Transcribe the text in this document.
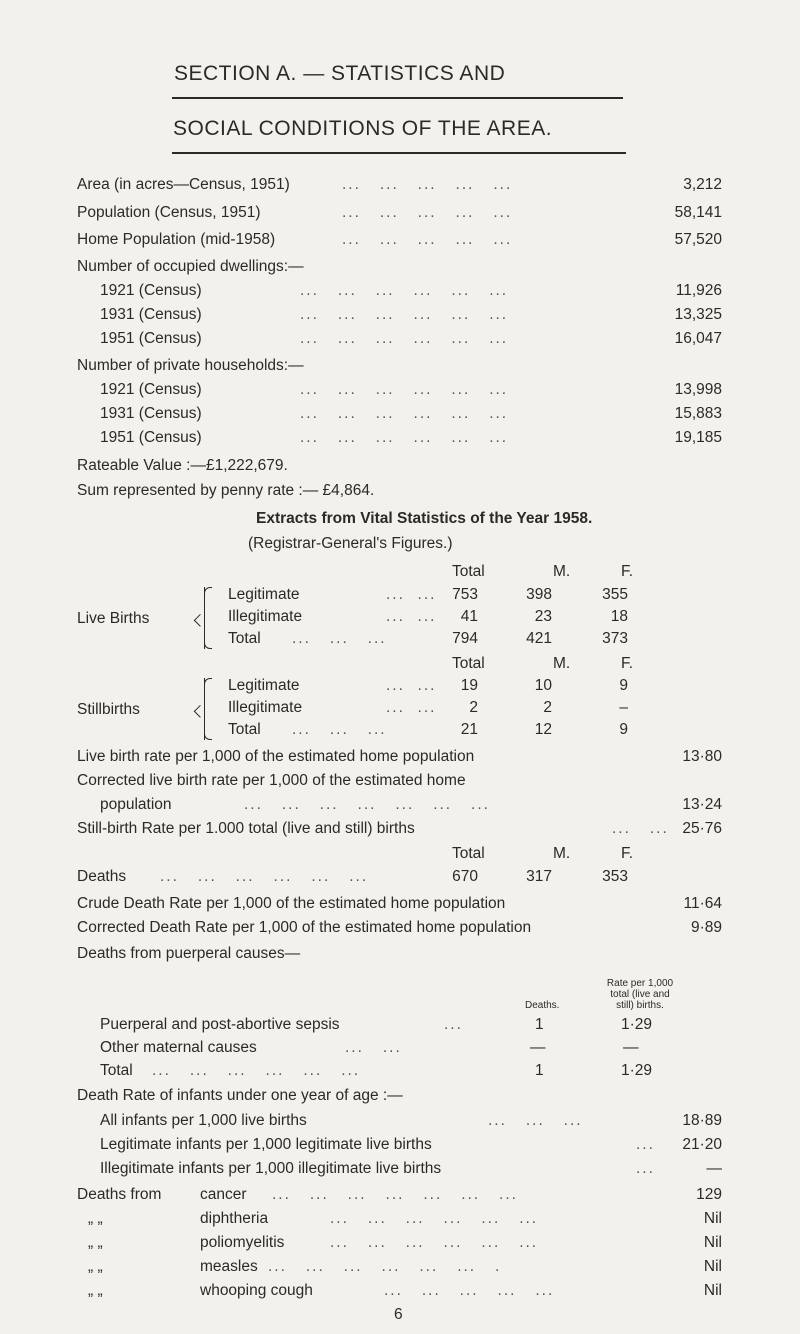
SECTION A. — STATISTICS AND
SOCIAL CONDITIONS OF THE AREA.
Area (in acres—Census, 1951)	...   ...   ...   ...   ...	3,212
Population (Census, 1951)	...   ...   ...   ...   ...	58,141
Home Population (mid-1958)	...   ...   ...   ...   ...	57,520
Number of occupied dwellings:—
1921 (Census)	...   ...   ...   ...   ...   ...	11,926
1931 (Census)	...   ...   ...   ...   ...   ...	13,325
1951 (Census)	...   ...   ...   ...   ...   ...	16,047
Number of private households:—
1921 (Census)	...   ...   ...   ...   ...   ...	13,998
1931 (Census)	...   ...   ...   ...   ...   ...	15,883
1951 (Census)	...   ...   ...   ...   ...   ...	19,185
Rateable Value :—£1,222,679.
Sum represented by penny rate :— £4,864.
Extracts from Vital Statistics of the Year 1958.
(Registrar-General's Figures.)
Total	M.	F.
Live Births
Legitimate	...  ... 753	398	355
Illegitimate	...  ... 41	23	18
Total ...   ...   ...	794	421	373
Total	M.	F.
Stillbirths
Legitimate	...  ... 19	10	9
Illegitimate	...  ... 2	2	–
Total ...   ...   ...	21	12	9
Live birth rate per 1,000 of the estimated home population	13·80
Corrected live birth rate per 1,000 of the estimated home
population	...   ...   ...   ...   ...   ...   ...	13·24
Still-birth Rate per 1.000 total (live and still) births	...   ... 25·76
Total	M.	F.
Deaths ...   ...   ...   ...   ...   ...	670	317	353
Crude Death Rate per 1,000 of the estimated home population	11·64
Corrected Death Rate per 1,000 of the estimated home population	9·89
Deaths from puerperal causes—
Rate per 1,000
total (live and
still) births.
Deaths.
Puerperal and post-abortive sepsis	...	1	1·29
Other maternal causes	...   ...	—	—
Total ...   ...   ...   ...   ...   ...	1	1·29
Death Rate of infants under one year of age :—
All infants per 1,000 live births	...   ...   ...	18·89
Legitimate infants per 1,000 legitimate live births	... 21·20
Illegitimate infants per 1,000 illegitimate live births	...	—
Deaths from cancer ...   ...   ...   ...   ...   ...   ...	129
„ „	diphtheria	...   ...   ...   ...   ...   ...	Nil
„ „	poliomyelitis	...   ...   ...   ...   ...   ...	Nil
„ „	measles ...   ...   ...   ...   ...   ...   .	Nil
„ „	whooping cough	...   ...   ...   ...   ...	Nil
6
